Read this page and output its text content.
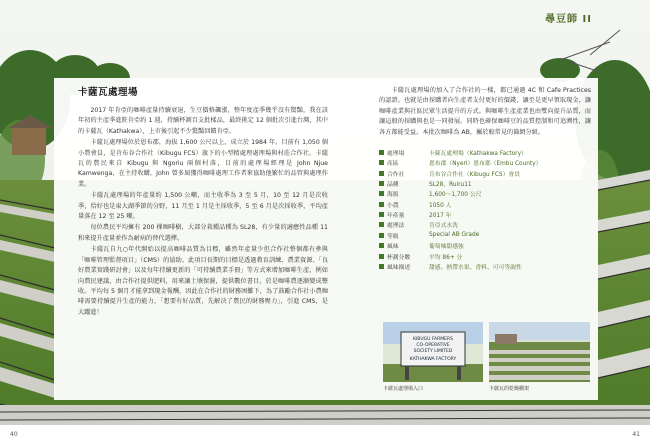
尋豆師 II
40	41
卡薩瓦處理場

2017 年肯亞的咖啡產量持續衰退，生豆價格飆漲，整年度產季幾乎沒有驚豔，我在該年初的主產季進駐肯亞約 1 週，持續杯測百支批樣品，最終挑定 12 個批次引進台灣，其中的卡薩瓦（Kathakwa），上市後引起不少驚豔回饋肯亞。

卡薩瓦處理場位於恩布郡，海拔 1,600 公尺以上，成立於 1984 年，目前有 1,050 個小農會員，是肯布谷合作社（Kibugu FCS）旗下的小型精處理處理場與村莊合作社。卡薩瓦的農民來自 Kibugu 與 Ngoriu 兩個村落，目前的處理場經理是 John Njue Kamwenga，在主持收購，John 曾多屆獲得咖啡處理工作者來協助他繁忙的品管與處理作業。

卡薩瓦處理場的年產量約 1,500 公噸，而主收季為 3 至 5 月，10 至 12 月是次收季，恰好也是東大湖季節的分野，11 月至 1 月是主採收季，5 至 6 月是次採收季，平均產量落在 12 至 25 噸。

每位農民平均擁有 200 棵咖啡樹，大部分栽種品種為 SL28，有少量的適應性品種 11 和來提升產量並作為耐病的替代選擇。

卡薩瓦自九○年代開始以提高咖啡品質為目標，雖然年產量少但合作社整個都有參與「咖啡管理監督項目」（CMS）的協助。此項目長期的目標是透過教育訓練、農業資源、「良好農業實踐研討會」以及每年持續更新的「可持續農業手冊」等方式來增加咖啡生產，例如向農民建議，由合作社提供肥料，用來讓土壤保濕，提供數位書目，於是咖啡農逐漸變成豐收。平均每 5 個月才能拿到現金報酬，因此在合作社的財務困難下，為了鼓勵合作社小農咖啡需要持續提升生產的能力，「想要有好品質，先解決了農民的財務壓力」，引進 CMS，是大躍進！

卡薩瓦處理場的加入了合作社的一樣，都已通過 4C 和 Cafe Practices 的認證。也就是由採購者向生產者支付更好的價錢，讓至是更早領取現金，讓咖啡產業與社區民眾生活提升的方式。與咖啡生產產業也由雙向提升品質，而讓這般的採購與也是一同發展。同時也確保咖啡豆的品質控制和可追溯性，讓各方都能受益。本批次咖啡為 AB，屬於較常見的篩網分級。

處理場	卡薩瓦處理場（Kathakwa Factory）
產區	恩布郡（Nyeri）恩布郡（Embu County）
合作社	肯布谷合作社（Kibugu FCS）會員
品種	SL28、Ruiru11
海拔	1,600～1,700 公尺
小農	1050 人
年產量	2017 年
處理法	肯亞式水洗
等級	Special AB Grade
風味	葡萄柚甜感強
杯測分數	平均 86+ 分
風味描述	甜感、熱帶水果、香料、可可等調性
KIBUGU FARMERS
CO-OPERATIVE
SOCIETY LIMITED
KATHAKWA FACTORY
卡薩瓦處理場入口	卡薩瓦的乾燥棚架
